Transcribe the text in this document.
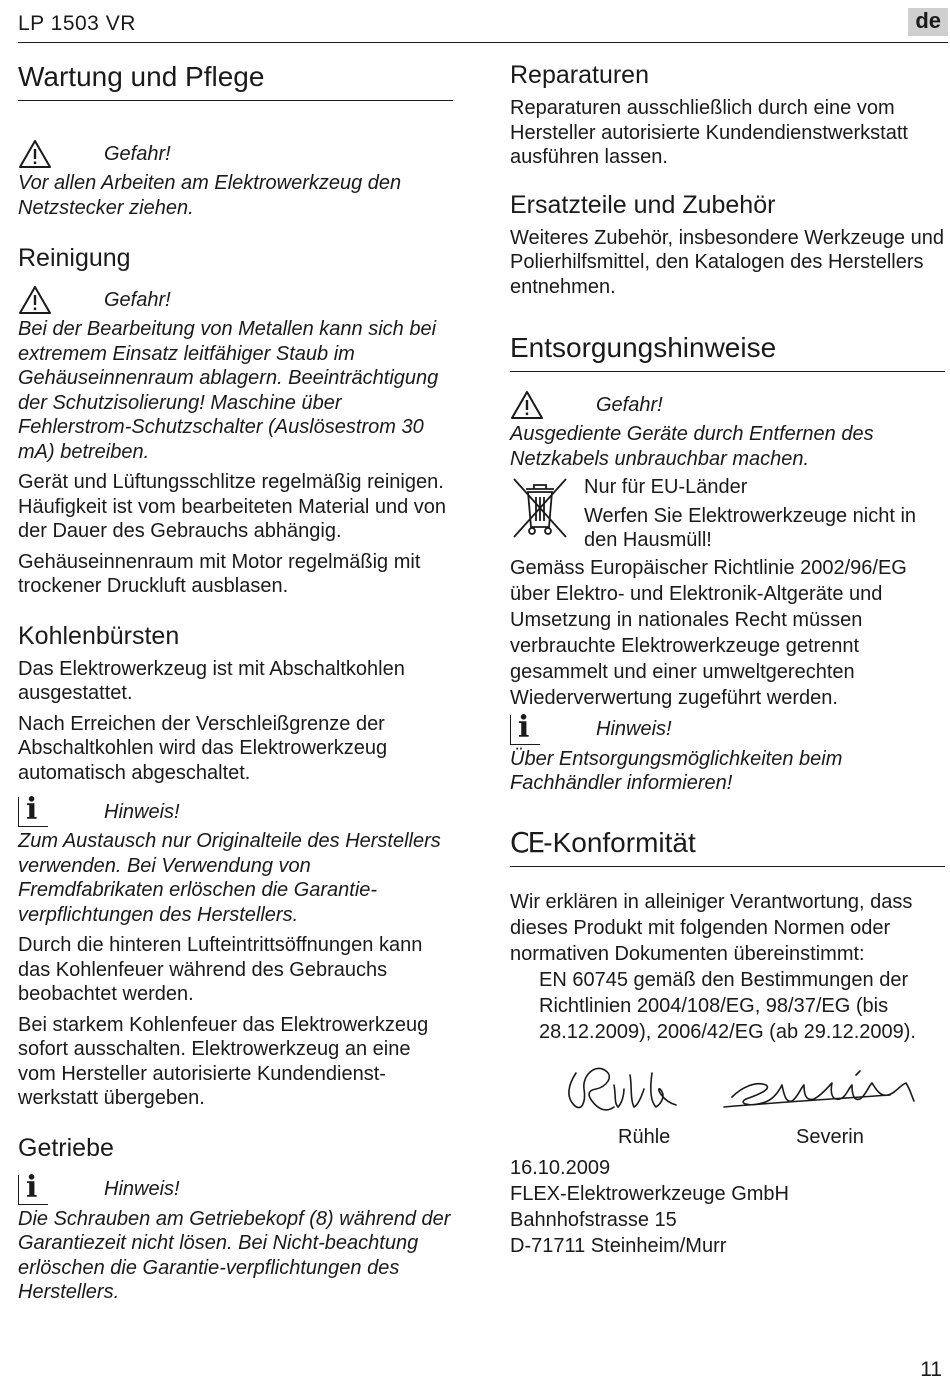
LP 1503 VR	de
Wartung und Pflege
Gefahr!

Vor allen Arbeiten am Elektrowerkzeug den Netzstecker ziehen.

Reinigung
Gefahr!

Bei der Bearbeitung von Metallen kann sich bei extremem Einsatz leitfähiger Staub im Gehäuseinnenraum ablagern. Beeinträchtigung der Schutzisolierung! Maschine über Fehlerstrom-Schutzschalter (Auslösestrom 30 mA) betreiben.

Gerät und Lüftungsschlitze regelmäßig reinigen. Häufigkeit ist vom bearbeiteten Material und von der Dauer des Gebrauchs abhängig.

Gehäuseinnenraum mit Motor regelmäßig mit trockener Druckluft ausblasen.

Kohlenbürsten

Das Elektrowerkzeug ist mit Abschaltkohlen ausgestattet.

Nach Erreichen der Verschleißgrenze der Abschaltkohlen wird das Elektrowerkzeug automatisch abgeschaltet.

i	Hinweis!

Zum Austausch nur Originalteile des Herstellers verwenden. Bei Verwendung von Fremdfabrikaten erlöschen die Garantie-verpflichtungen des Herstellers.

Durch die hinteren Lufteintrittsöffnungen kann das Kohlenfeuer während des Gebrauchs beobachtet werden.

Bei starkem Kohlenfeuer das Elektrowerkzeug sofort ausschalten. Elektrowerkzeug an eine vom Hersteller autorisierte Kundendienst-werkstatt übergeben.

Getriebe
i	Hinweis!

Die Schrauben am Getriebekopf (8) während der Garantiezeit nicht lösen. Bei Nicht-beachtung erlöschen die Garantie-verpflichtungen des Herstellers.

Reparaturen

Reparaturen ausschließlich durch eine vom Hersteller autorisierte Kundendienstwerkstatt ausführen lassen.

Ersatzteile und Zubehör

Weiteres Zubehör, insbesondere Werkzeuge und Polierhilfsmittel, den Katalogen des Herstellers entnehmen.

Entsorgungshinweise
Gefahr!

Ausgediente Geräte durch Entfernen des Netzkabels unbrauchbar machen.

Nur für EU-Länder

Werfen Sie Elektrowerkzeuge nicht in den Hausmüll!

Gemäss Europäischer Richtlinie 2002/96/EG über Elektro- und Elektronik-Altgeräte und Umsetzung in nationales Recht müssen verbrauchte Elektrowerkzeuge getrennt gesammelt und einer umweltgerechten Wiederverwertung zugeführt werden.

i	Hinweis!

Über Entsorgungsmöglichkeiten beim Fachhändler informieren!

CE-Konformität

Wir erklären in alleiniger Verantwortung, dass dieses Produkt mit folgenden Normen oder normativen Dokumenten übereinstimmt:

EN 60745 gemäß den Bestimmungen der Richtlinien 2004/108/EG, 98/37/EG (bis 28.12.2009), 2006/42/EG (ab 29.12.2009).

Rühle	Severin

16.10.2009

FLEX-Elektrowerkzeuge GmbH

Bahnhofstrasse 15

D-71711 Steinheim/Murr

11
